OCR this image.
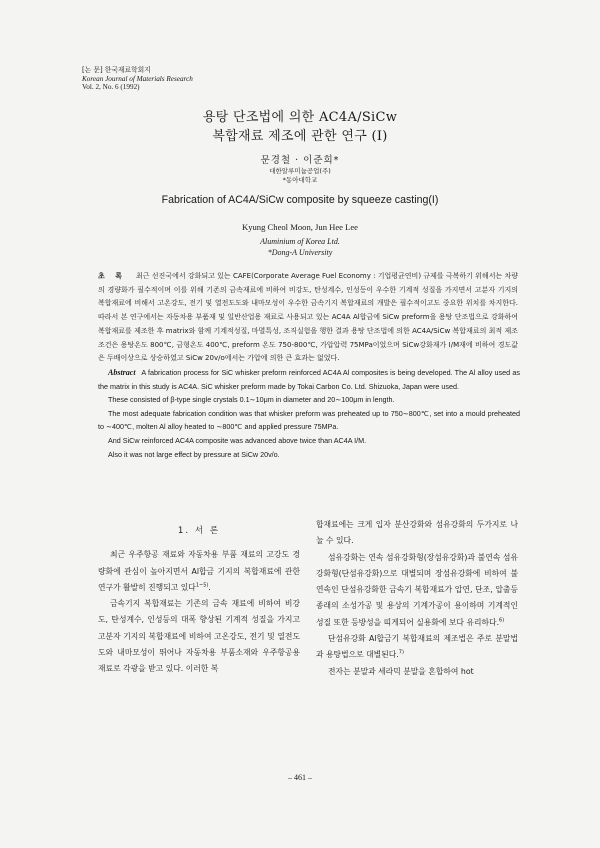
[논 문] 한국재료학회지
Korean Journal of Materials Research
Vol. 2, No. 6 (1992)
용탕 단조법에 의한 AC4A/SiCw
복합재료 제조에 관한 연구 (I)
문경철 · 이준희*
대한알루미늄공업(주)
*동아대학교
Fabrication of AC4A/SiCw composite by squeeze casting(I)
Kyung Cheol Moon, Jun Hee Lee
Aluminium of Korea Ltd.
*Dong-A University
초 록 최근 선진국에서 강화되고 있는 CAFE(Corporate Average Fuel Economy : 기업평균연비) 규제를 극복하기 위해서는 차량의 경량화가 필수적이며 이를 위해 기존의 금속재료에 비하여 비강도, 탄성계수, 인성등이 우수한 기계적 성질을 가지면서 고분자 기지의 복합재료에 비해서 고온강도, 전기 및 열전도도와 내마모성이 우수한 금속기지 복합재료의 개발은 필수적이고도 중요한 위치를 차지한다. 따라서 본 연구에서는 자동차용 부품재 및 일반산업용 재료로 사용되고 있는 AC4A Al합금에 SiCw preform을 용탕 단조법으로 강화하여 복합재료를 제조한 후 matrix와 함께 기계적성질, 마멸특성, 조직실험을 행한 결과 용탕 단조법에 의한 AC4A/SiCw 복합재료의 최적 제조조건은 용탕온도 800℃, 금형온도 400℃, preform 온도 750-800℃, 가압압력 75MPa이었으며 SiCw강화재가 I/M재에 비하여 경도값은 두배이상으로 상승하였고 SiCw 20v/o에서는 가압에 의한 큰 효과는 없었다.

Abstract A fabrication process for SiC whisker preform reinforced AC4A Al composites is being developed. The Al alloy used as the matrix in this study is AC4A. SiC whisker preform made by Tokai Carbon Co. Ltd. Shizuoka, Japan were used.

These consisted of β-type single crystals 0.1∼10μm in diameter and 20∼100μm in length.

The most adequate fabrication condition was that whisker preform was preheated up to 750∼800℃, set into a mould preheated to ∼400℃, molten Al alloy heated to ∼800℃ and applied pressure 75MPa.

And SiCw reinforced AC4A composite was advanced above twice than AC4A I/M.

Also it was not large effect by pressure at SiCw 20v/o.

1. 서 론

최근 우주항공 재료와 자동차용 부품 재료의 고강도 경량화에 관심이 높아지면서 Al합금 기지의 복합재료에 관한 연구가 활발히 진행되고 있다$^{1\sim 5)}$.

금속기지 복합재료는 기존의 금속 재료에 비하여 비강도, 탄성계수, 인성등의 대폭 향상된 기계적 성질을 가지고 고분자 기지의 복합재료에 비하여 고온강도, 전기 및 열전도도와 내마모성이 뛰어나 자동차용 부품소재와 우주항공용 재료로 각광을 받고 있다. 이러한 복

합재료에는 크게 입자 분산강화와 섬유강화의 두가지로 나눌 수 있다.

섬유강화는 연속 섬유강화형(장섬유강화)과 불연속 섬유강화형(단섬유강화)으로 대별되며 장섬유강화에 비하여 불연속인 단섬유강화한 금속기 복합재료가 압연, 단조, 압출등 종래의 소성가공 및 용상의 기계가공이 용이하며 기계적인 성질 또한 등방성을 띠게되어 실용화에 보다 유리하다.$^{6)}$

단섬유강화 Al합금기 복합재료의 제조법은 주로 분말법과 용탕법으로 대별된다.$^{7)}$

전자는 분말과 세라믹 분말을 혼합하여 hot

– 461 –
